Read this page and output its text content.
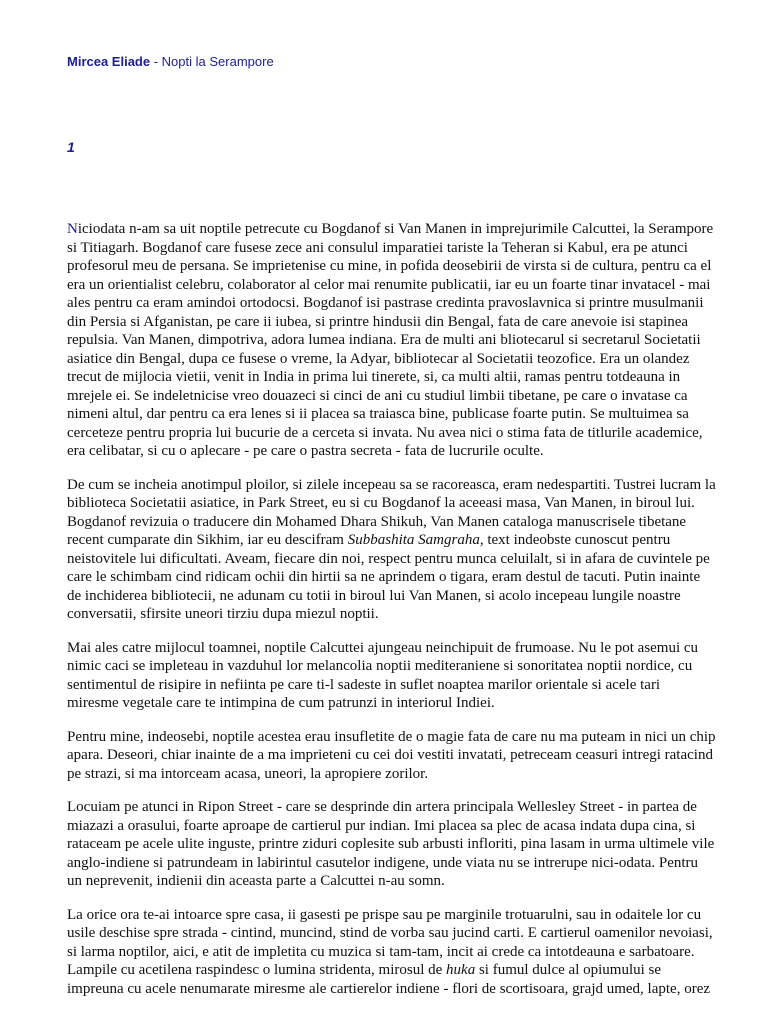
Mircea Eliade - Nopti la Serampore
1

Niciodata n-am sa uit noptile petrecute cu Bogdanof si Van Manen in imprejurimile Calcuttei, la Serampore
si Titiagarh. Bogdanof care fusese zece ani consulul imparatiei tariste la Teheran si Kabul, era pe atunci
profesorul meu de persana. Se imprietenise cu mine, in pofida deosebirii de virsta si de cultura, pentru ca el
era un orientialist celebru, colaborator al celor mai renumite publicatii, iar eu un foarte tinar invatacel - mai
ales pentru ca eram amindoi ortodocsi. Bogdanof isi pastrase credinta pravoslavnica si printre musulmanii
din Persia si Afganistan, pe care ii iubea, si printre hindusii din Bengal, fata de care anevoie isi stapinea
repulsia. Van Manen, dimpotriva, adora lumea indiana. Era de multi ani bliotecarul si secretarul Societatii
asiatice din Bengal, dupa ce fusese o vreme, la Adyar, bibliotecar al Societatii teozofice. Era un olandez
trecut de mijlocia vietii, venit in India in prima lui tinerete, si, ca multi altii, ramas pentru totdeauna in
mrejele ei. Se indeletnicise vreo douazeci si cinci de ani cu studiul limbii tibetane, pe care o invatase ca
nimeni altul, dar pentru ca era lenes si ii placea sa traiasca bine, publicase foarte putin. Se multuimea sa
cerceteze pentru propria lui bucurie de a cerceta si invata. Nu avea nici o stima fata de titlurile academice,
era celibatar, si cu o aplecare - pe care o pastra secreta - fata de lucrurile oculte.

De cum se incheia anotimpul ploilor, si zilele incepeau sa se racoreasca, eram nedespartiti. Tustrei lucram la
biblioteca Societatii asiatice, in Park Street, eu si cu Bogdanof la aceeasi masa, Van Manen, in biroul lui.
Bogdanof revizuia o traducere din Mohamed Dhara Shikuh, Van Manen cataloga manuscrisele tibetane
recent cumparate din Sikhim, iar eu descifram Subbashita Samgraha, text indeobste cunoscut pentru
neistovitele lui dificultati. Aveam, fiecare din noi, respect pentru munca celuilalt, si in afara de cuvintele pe
care le schimbam cind ridicam ochii din hirtii sa ne aprindem o tigara, eram destul de tacuti. Putin inainte
de inchiderea bibliotecii, ne adunam cu totii in biroul lui Van Manen, si acolo incepeau lungile noastre
conversatii, sfirsite uneori tirziu dupa miezul noptii.

Mai ales catre mijlocul toamnei, noptile Calcuttei ajungeau neinchipuit de frumoase. Nu le pot asemui cu
nimic caci se impleteau in vazduhul lor melancolia noptii mediteraniene si sonoritatea noptii nordice, cu
sentimentul de risipire in nefiinta pe care ti-l sadeste in suflet noaptea marilor orientale si acele tari
miresme vegetale care te intimpina de cum patrunzi in interiorul Indiei.

Pentru mine, indeosebi, noptile acestea erau insufletite de o magie fata de care nu ma puteam in nici un chip
apara. Deseori, chiar inainte de a ma imprieteni cu cei doi vestiti invatati, petreceam ceasuri intregi ratacind
pe strazi, si ma intorceam acasa, uneori, la apropiere zorilor.

Locuiam pe atunci in Ripon Street - care se desprinde din artera principala Wellesley Street - in partea de
miazazi a orasului, foarte aproape de cartierul pur indian. Imi placea sa plec de acasa indata dupa cina, si
rataceam pe acele ulite inguste, printre ziduri coplesite sub arbusti infloriti, pina lasam in urma ultimele vile
anglo-indiene si patrundeam in labirintul casutelor indigene, unde viata nu se intrerupe nici-odata. Pentru
un neprevenit, indienii din aceasta parte a Calcuttei n-au somn.

La orice ora te-ai intoarce spre casa, ii gasesti pe prispe sau pe marginile trotuarulni, sau in odaitele lor cu
usile deschise spre strada - cintind, muncind, stind de vorba sau jucind carti. E cartierul oamenilor nevoiasi,
si larma noptilor, aici, e atit de impletita cu muzica si tam-tam, incit ai crede ca intotdeauna e sarbatoare.
Lampile cu acetilena raspindesc o lumina stridenta, mirosul de huka si fumul dulce al opiumului se
impreuna cu acele nenumarate miresme ale cartierelor indiene - flori de scortisoara, grajd umed, lapte, orez
